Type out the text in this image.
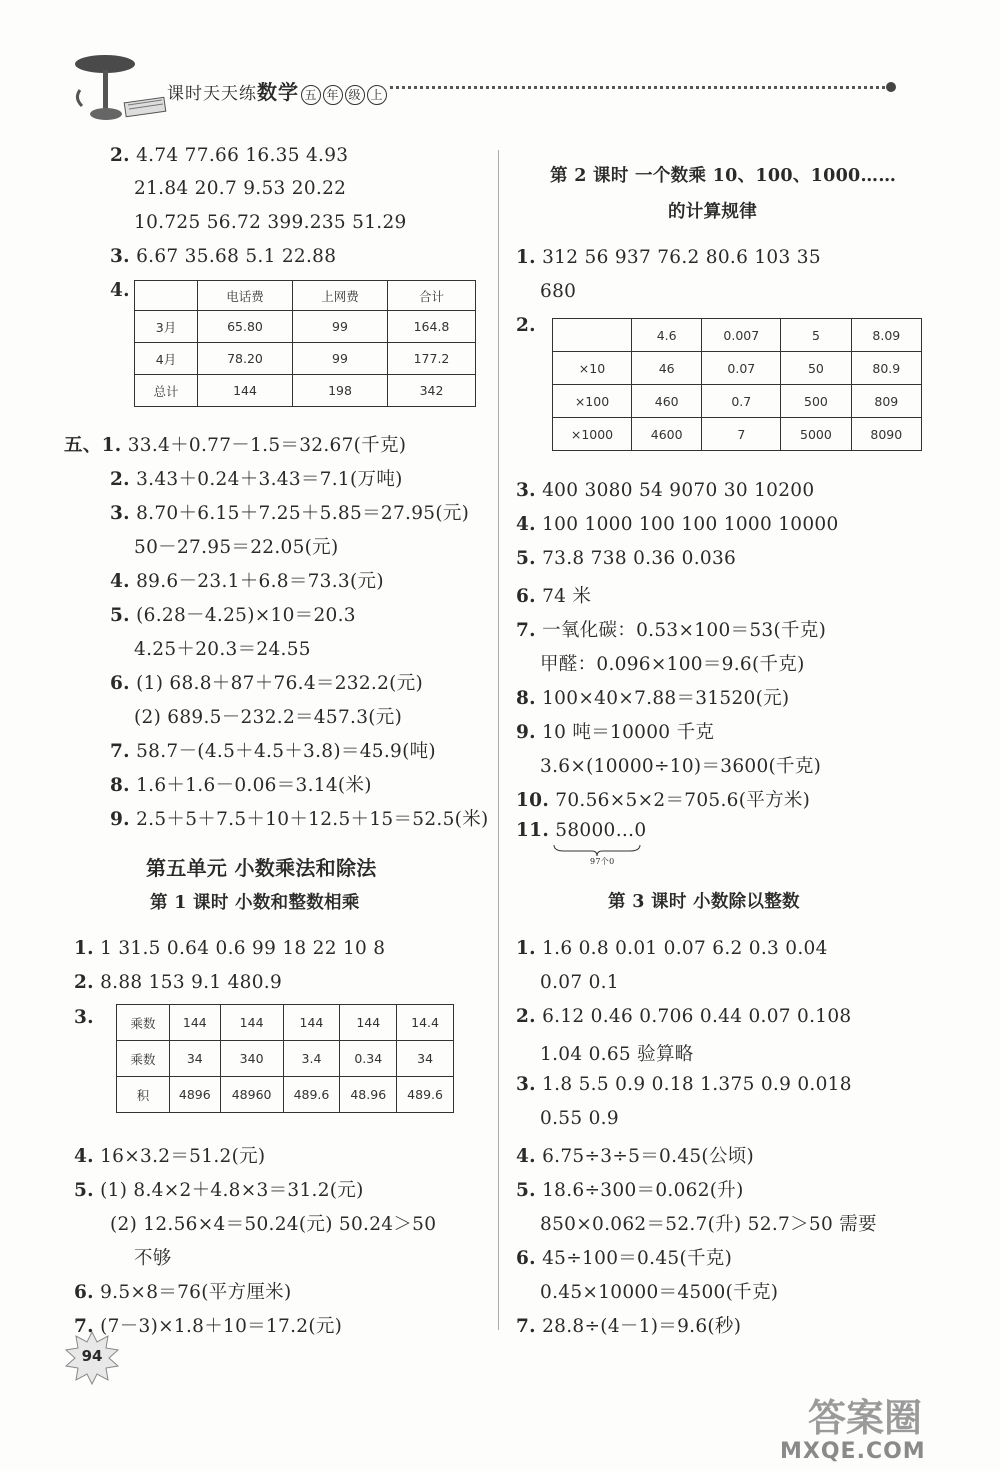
课时天天练数学 五 年 级 上
2. 4.74 77.66 16.35 4.93
21.84 20.7 9.53 20.22
10.725 56.72 399.235 51.29
3. 6.67 35.68 5.1 22.88
4.
		电话费	上网费	合计
3月	65.80	99	164.8
4月	78.20	99	177.2
总计	144	198	342
五、1. 33.4＋0.77－1.5＝32.67(千克)
2. 3.43＋0.24＋3.43＝7.1(万吨)
3. 8.70＋6.15＋7.25＋5.85＝27.95(元)
50－27.95＝22.05(元)
4. 89.6－23.1＋6.8＝73.3(元)
5. (6.28－4.25)×10＝20.3
4.25＋20.3＝24.55
6. (1) 68.8＋87＋76.4＝232.2(元)
(2) 689.5－232.2＝457.3(元)
7. 58.7－(4.5＋4.5＋3.8)＝45.9(吨)
8. 1.6＋1.6－0.06＝3.14(米)
9. 2.5＋5＋7.5＋10＋12.5＋15＝52.5(米)
第五单元 小数乘法和除法
第 1 课时 小数和整数相乘
1. 1 31.5 0.64 0.6 99 18 22 10 8
2. 8.88 153 9.1 480.9
3.	乘数	144	144	144	144	14.4
乘数	34	340	3.4	0.34	34
积	4896	48960	489.6	48.96	489.6
4. 16×3.2＝51.2(元)
5. (1) 8.4×2＋4.8×3＝31.2(元)
(2) 12.56×4＝50.24(元) 50.24＞50
不够
6. 9.5×8＝76(平方厘米)
7. (7－3)×1.8＋10＝17.2(元)
第 2 课时 一个数乘 10、100、1000……
的计算规律
1. 312 56 937 76.2 80.6 103 35
680
2.
		4.6	0.007	5	8.09
×10	46	0.07	50	80.9
×100	460	0.7	500	809
×1000	4600	7	5000	8090
3. 400 3080 54 9070 30 10200
4. 100 1000 100 100 1000 10000
5. 73.8 738 0.36 0.036
6. 74 米
7. 一氧化碳：0.53×100＝53(千克)
甲醛：0.096×100＝9.6(千克)
8. 100×40×7.88＝31520(元)
9. 10 吨＝10000 千克
3.6×(10000÷10)＝3600(千克)
10. 70.56×5×2＝705.6(平方米)
11. 58000…0
97个0
第 3 课时 小数除以整数
1. 1.6 0.8 0.01 0.07 6.2 0.3 0.04
0.07 0.1
2. 6.12 0.46 0.706 0.44 0.07 0.108
1.04 0.65 验算略
3. 1.8 5.5 0.9 0.18 1.375 0.9 0.018
0.55 0.9
4. 6.75÷3÷5＝0.45(公顷)
5. 18.6÷300＝0.062(升)
850×0.062＝52.7(升) 52.7＞50 需要
6. 45÷100＝0.45(千克)
0.45×10000＝4500(千克)
7. 28.8÷(4－1)＝9.6(秒)
94
答案圈
MXQE.COM
